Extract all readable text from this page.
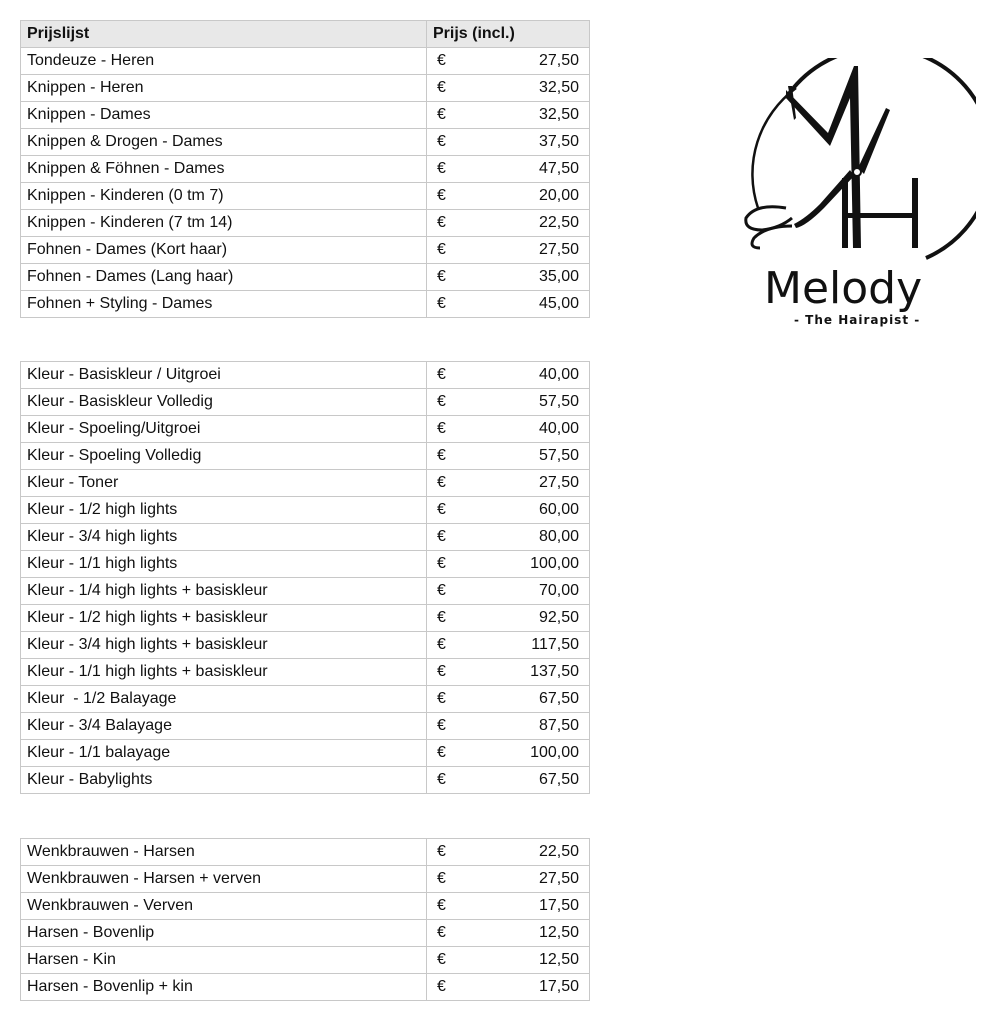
Prijslijst	Prijs (incl.)
Tondeuze - Heren	€ 27,50

Knippen - Heren	€ 32,50

Knippen - Dames	€ 32,50

Knippen & Drogen - Dames	€ 37,50

Knippen & Föhnen - Dames	€ 47,50

Knippen - Kinderen (0 tm 7)	€ 20,00

Knippen - Kinderen (7 tm 14)	€ 22,50

Fohnen - Dames (Kort haar)	€ 27,50

Fohnen - Dames (Lang haar)	€ 35,00

Fohnen + Styling - Dames	€ 45,00
Kleur - Basiskleur / Uitgroei	€ 40,00

Kleur - Basiskleur Volledig	€ 57,50

Kleur - Spoeling/Uitgroei	€ 40,00

Kleur - Spoeling Volledig	€ 57,50

Kleur - Toner	€ 27,50

Kleur - 1/2 high lights	€ 60,00

Kleur - 3/4 high lights	€ 80,00

Kleur - 1/1 high lights	€ 100,00

Kleur - 1/4 high lights + basiskleur	€ 70,00

Kleur - 1/2 high lights + basiskleur	€ 92,50

Kleur - 3/4 high lights + basiskleur	€ 117,50

Kleur - 1/1 high lights + basiskleur	€ 137,50

Kleur  - 1/2 Balayage	€ 67,50

Kleur - 3/4 Balayage	€ 87,50

Kleur - 1/1 balayage	€ 100,00

Kleur - Babylights	€ 67,50
Wenkbrauwen - Harsen	€ 22,50

Wenkbrauwen - Harsen + verven	€ 27,50

Wenkbrauwen - Verven	€ 17,50

Harsen - Bovenlip	€ 12,50

Harsen - Kin	€ 12,50

Harsen - Bovenlip + kin	€ 17,50
Melody
- The Hairapist -
